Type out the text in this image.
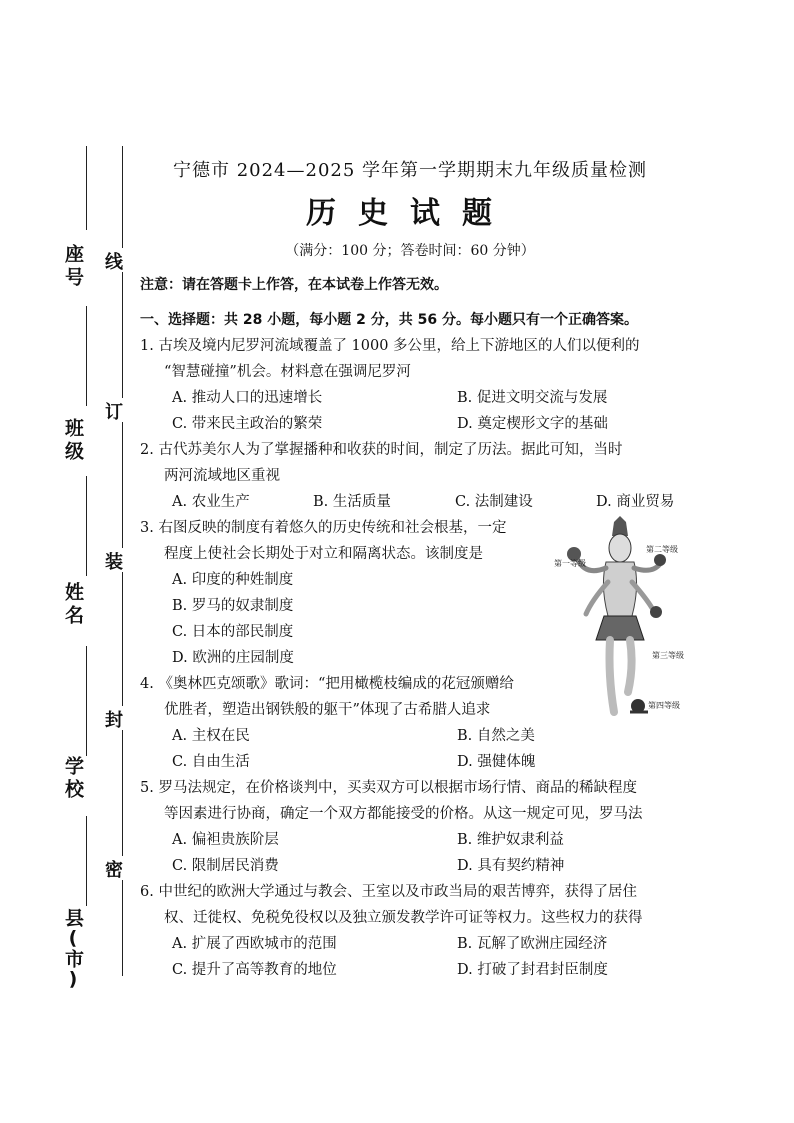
座号
班级
姓名
学校
县(市)
线
订
装
封
密
宁德市 2024—2025 学年第一学期期末九年级质量检测
历史试题
（满分：100 分；答卷时间：60 分钟）
注意：请在答题卡上作答，在本试卷上作答无效。
一、选择题：共 28 小题，每小题 2 分，共 56 分。每小题只有一个正确答案。
1. 古埃及境内尼罗河流域覆盖了 1000 多公里，给上下游地区的人们以便利的
“智慧碰撞”机会。材料意在强调尼罗河
A. 推动人口的迅速增长	B. 促进文明交流与发展
C. 带来民主政治的繁荣	D. 奠定楔形文字的基础
2. 古代苏美尔人为了掌握播种和收获的时间，制定了历法。据此可知，当时
两河流域地区重视
A. 农业生产	B. 生活质量	C. 法制建设	D. 商业贸易
3. 右图反映的制度有着悠久的历史传统和社会根基，一定
程度上使社会长期处于对立和隔离状态。该制度是
A. 印度的种姓制度
B. 罗马的奴隶制度
C. 日本的部民制度
D. 欧洲的庄园制度
4. 《奥林匹克颂歌》歌词：“把用橄榄枝编成的花冠颁赠给
优胜者，塑造出钢铁般的躯干”体现了古希腊人追求
A. 主权在民	B. 自然之美
C. 自由生活	D. 强健体魄
5. 罗马法规定，在价格谈判中，买卖双方可以根据市场行情、商品的稀缺程度
等因素进行协商，确定一个双方都能接受的价格。从这一规定可见，罗马法
A. 偏袒贵族阶层	B. 维护奴隶利益
C. 限制居民消费	D. 具有契约精神
6. 中世纪的欧洲大学通过与教会、王室以及市政当局的艰苦博弈，获得了居住
权、迁徙权、免税免役权以及独立颁发教学许可证等权力。这些权力的获得
A. 扩展了西欧城市的范围	B. 瓦解了欧洲庄园经济
C. 提升了高等教育的地位	D. 打破了封君封臣制度
第一等级
第二等级
第三等级
第四等级
